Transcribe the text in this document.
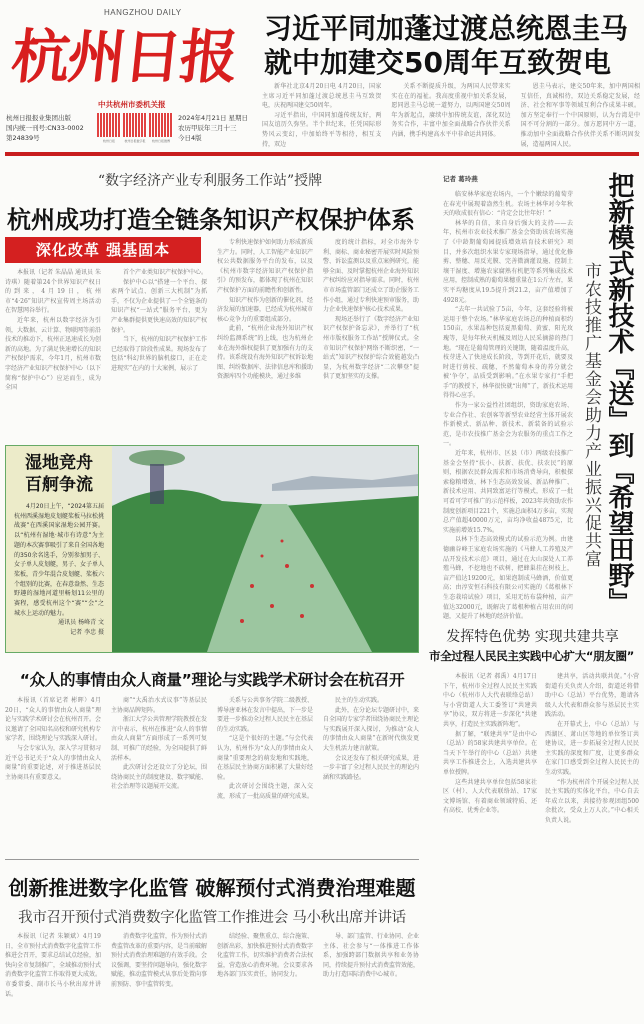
HANGZHOU DAILY
杭州日报
中共杭州市委机关报
杭州日报报业集团出版
国内统一刊号:CN33-0002
第24839号	杭州日报	杭州日报数字报	杭州日报微博
2024年4月21日 星期日
农历甲辰年三月十三
今日4版
习近平同加蓬过渡总统恩圭马
就中加建交50周年互致贺电

新华社北京4月20日电 4月20日，国家主席习近平同加蓬过渡总统恩圭马互致贺电，庆祝两国建交50周年。

习近平指出，中国同加蓬传统友好，两国友谊历久弥坚。半个世纪来，任凭国际形势风云变幻，中加始终平等相待，相互支持，双边

关系不断提质升级，为两国人民带来实实在在的福祉。我高度重视中加关系发展，愿同恩圭马总统一道努力，以两国建交50周年为新起点，赓续中加传统友谊，深化双边务实合作，丰富中加全面战略合作伙伴关系内涵，携手构建高水平中非命运共同体。

恩圭马表示，建交50年来，加中两国相互信任，真诚相待，双边关系稳定发展，经济、社会和军事等领域互利合作成果丰硕。加方坚定奉行一个中国原则，认为台湾是中国不可分割的一部分。加方愿同中方一道，推动加中全面战略合作伙伴关系不断巩固发展，造福两国人民。

“数字经济产业专利服务工作站”授牌
杭州成功打造全链条知识产权保护体系
深化改革 强基固本

本报讯（记者 朱晶晶 通讯员 朱诗琪）随着第24个世界知识产权日的到来，4月19日，杭州市“4·26”知识产权宣传周主场活动在智慧网谷举行。

近年来，杭州以数字经济为引领，大数据、云计算、物联网等前沿技术的推动下，杭州正迅速成长为创新的高地。为了满足快速增长的知识产权保护需求，今年1月，杭州市数字经济产业知识产权保护中心（以下简称“保护中心”）应运而生，成为全国

首个产业类知识产权保护中心。

保护中心以“搭建一个平台、探索两个试点、创新三大机制”为抓手，不仅为企业提供了一个全链条的知识产权“一站式”服务平台，更为产业集群提供更快速高效的知识产权保护。

当下，杭州的知识产权保护工作已经取得了阶段性成果。现场发布了包括“科幻世界的脑机接口，正在走进现实”在内的十大案例，展示了

专利快速保护如何助力形成新质生产力。同时，人工智能产业知识产权公共数据服务平台的发布，以及《杭州市数字经济知识产权保护指引》的预发布，都体现了杭州在知识产权保护方面的前瞻性和创新性。

知识产权作为创新的催化剂、经济发展的加速器，已经成为杭州城市核心竞争力的重要组成部分。

此前，“杭州企业海外知识产权纠纷监测系统”的上线，也为杭州企业在海外维权提供了更加强有力的支持。该系统设有海外知识产权诉讼地图、纠纷数据库、法律信息库和援助资源库四个功能模块，通过多维

度的统计指标，对全市海外专利、商标、商业秘密开展实时风险预警、诉讼监测以及重点案例研究，能够全面、及时掌握杭州企业海外知识产权纠纷应对指导需求。同时，杭州市市场监管部门还成立了助企服务工作小组，通过专利快速预审服务，助力企业快速保护核心技术成果。

现场还举行了《数字经济产业知识产权保护备忘录》，并举行了“杭州市版权服务工作站”授牌仪式。全市知识产权保护网络不断织密，“一站式”知识产权保护综合效能越发凸显，为杭州数字经济“二次攀登”提供了更加坚实的支撑。

湿地竞舟 百舸争流

4月20日上午，“2024第五届杭州西溪湿地皮划艇桨板马拉松挑战赛”在西溪国家湿地公园开赛。以“杭州有湿地·城市有诗意”为主题的本次赛事吸引了来自全国各地的350余名选手，分别参加男子、女子单人皮划艇，男子、女子单人桨板，青少年混合皮划艇、桨板六个组别的比赛，在春意盎然、生态野趣的湿地河道里畅划11公里的赛程，感受杭州这个“赛”“会”之城水上运动的魅力。

通讯员 杨峰青 文
记者 李忠 摄
记者 葛玲燕

临安林华家庭农场内，一个个嫩绿的葡萄芽在春光中展现着盎然生机。农场主林华对今年秋天的收成很有信心：“肯定会比往年好！”

林华的自信，来自身后强大的支持——去年，杭州市农业技术推广基金会资助该农场实施了《中龄期葡萄园提质增效培育技术研究》项目，并多次组织水果专家现场指导，通过优化修剪、整穗、用反光膜、完善微滴灌设施、控制土壤干湿度、增施农家腐熟有机肥等系列集成技术应用，控制成熟的葡萄果穗重量在1公斤左右，果实平均糖度从19.5提升到21.2，亩产值增加了4928元。

“去年一共试验了5亩，今年，这套经验将被运用于整个农场。”林华家庭农场总的种植面积约150亩，水果品种包括夏黑葡萄、黄蜜、阳光玫瑰等，是每年秋天机械及周边人民采摘游的热门地。“现在是葡萄管理的关键期，随着温度升高，枝芽进入了快速成长阶段，等到开花后，就要及时进行剪枝、疏穗，不然葡萄本身的养分就会被‘争夺’，品质受到影响。”在水果专家打“手把手”的教授下，林华很快就“出师”了，新技术运用得得心应手。

作为一家公益性社团组织，资助家庭农场、专业合作社、农创客等新型农业经营主体开展农作新模式、新品种、新技术、新装备的试验示范，是市农技推广基金会为农服务的重点工作之一。

近年来，杭州市、区县（市）两级农技推广基金会坚持“扶小、扶新、扶优、扶农民”的原则，根据农民群众需求和市场消费导向，积极探索稳粮增效、林下生态高效发展、新品种推广、新技术应用、共同致富运行等模式，形成了一批可看可学可推广的示范样板，2023年共资助农作制度创新项目221个，实施总面积4万多亩，实现总产值超40000万元，亩均净收益4875元，比实施前增效15.7%。

以林下生态高效模式的试验示范为例。由建德幽谷峰王家庭农场实施的《马蜂人工养殖及产品开发技术示范》项目，通过在大山深处人工养殖马蜂，不挖地也不砍树，把蜂巢挂在树枝上，亩产值达19200元，如果泡制成马蜂酒，价值更高；由淳安恒石科技有限公司实施的《葛根林下生态栽培试验》项目，采用无纺布袋种植，亩产值达32000元，既解决了葛根种植占用农田的问题，又提升了林地的经济价值。

把新模式新技术『送』到『希望田野』
市农技推广基金会助力产业振兴促共富
发挥特色优势 实现共建共享
市全过程人民民主实践中心扩大“朋友圈”

本报讯（记者 郝禹）4月17日下午，杭州市全过程人民民主实践中心（杭州市人大代表联络总站）与小营街道人大工委签订“共建共享”协议，双方将进一步深化“共建共享，打造民主实践新阵地”。

据了解，“联建共享”是由中心（总站）的58家共建共享单位。在当天下午举行的中心（总站）共建共享工作推进会上，入选共建共享单位授牌。

这些共建共享单位包括58家社区（村）、人大代表联络站、17家文博场馆、有着商业领域特质、还有高校、优秀企业等。

建共享，活动共联共促。”小营街道有关负责人介绍，街道还将借助中心（总站）平台优势，邀请各级人大代表和群众参与基层民主实践活动。

在开幕式上，中心（总站）与西湖区、萧山区等地的单位签订共建协议，进一步拓展全过程人民民主实践的深度和广度，让更多群众在家门口感受到全过程人民民主的生动实践。

“作为杭州首个开展全过程人民民主实践的实体化平台，中心自去年成立以来，共接待参观团组500余批次，受众上万人次。”中心相关负责人说。

“众人的事情由众人商量”理论与实践学术研讨会在杭召开

本报讯（首席记者 彬晖）4月20日，“众人的事情由众人商量”理论与实践学术研讨会在杭州召开。会议邀请了全国知名高校和研究机构专家学者，围绕理论与实践深入研讨。

与会专家认为，深入学习贯彻习近平总书记关于“众人的事情由众人商量”的重要论述，对于推进基层民主协商具有重要意义。

商”“大禹治水式议事”等基层民主协商品牌矩阵。

浙江大学公共管理学院教授在发言中表示，杭州在推进“众人的事情由众人商量”方面形成了一系列可复制、可推广的经验，为全国提供了鲜活样本。

此次研讨会还设立了分论坛，围绕协商民主的制度建设、数字赋能、社会治理等议题展开交流。

关系与公共事务学院二级教授、博导唐亚林在发言中提出，下一步是要进一步推动全过程人民民主在基层的生动实践。

“这是个很好的主题。”与会代表认为，杭州作为“众人的事情由众人商量”重要理念的萌发地和实践地，在基层民主协商方面积累了大量好经验。

此次研讨会围绕主题，深入交流，形成了一批高质量的研究成果。

民主的生动实践。

此外，在分论坛专题研讨中，来自全国的专家学者围绕协商民主理论与实践展开深入探讨，为推动“众人的事情由众人商量”在新时代焕发更大生机活力建言献策。

会议还发布了相关研究成果，进一步丰富了全过程人民民主的理论内涵和实践路径。

创新推进数字化监管 破解预付式消费治理难题
我市召开预付式消费数字化监管工作推进会 马小秋出席并讲话

本报讯（记者 朱颖斌）4月19日，全市预付式消费数字化监管工作推进会召开，要求总结试点经验，加快向全市复制推广，全域推动预付式消费数字化监管工作取得更大成效。市委常委、副市长马小秋出席并讲话。

消费数字化监管，作为预付式消费监管改革的重要内容，是当前破解预付式消费治理难题的有效手段。会议强调，要坚持问题导向，强化数字赋能，推动监管模式从事后处置向事前预防、事中监管转变。

结经验、聚焦重点、综合施策、创新出彩，加快推进预付式消费数字化监管工作，切实维护消费者合法权益，营造放心消费环境。会议要求各地各部门压实责任，协同发力。

导、部门监管、行业协同、企业主体、社会参与“一体推进工作体系，加强跨部门数据共享和业务协同，持续提升预付式消费监管效能，助力打造国际消费中心城市。
